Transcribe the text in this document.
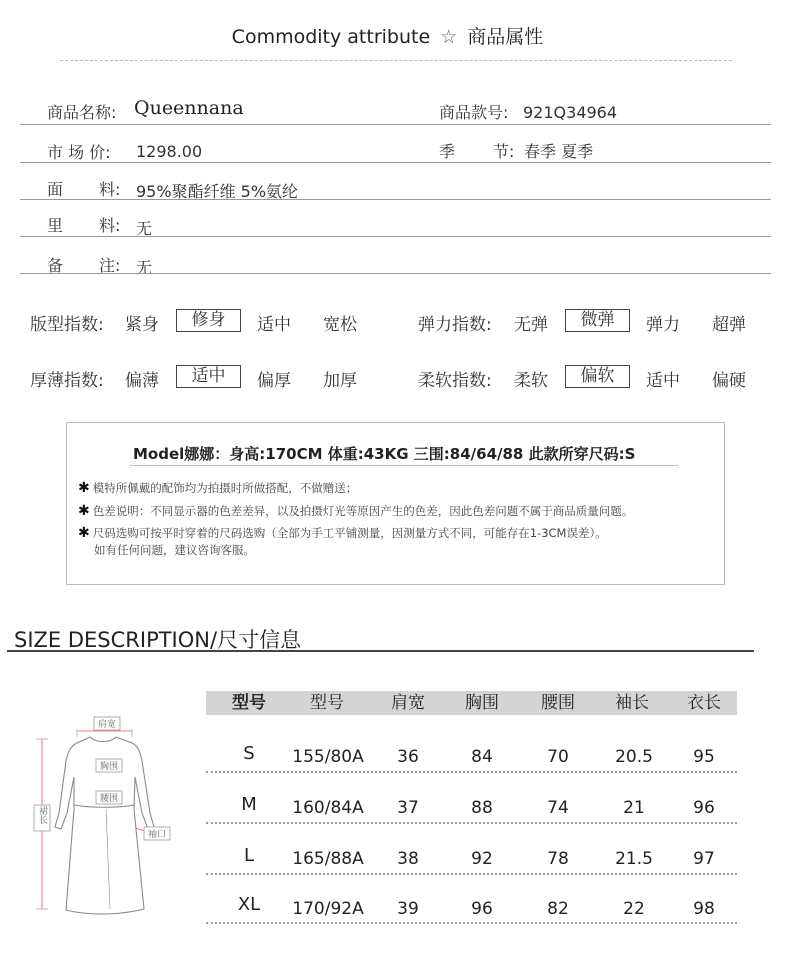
Commodity attribute ☆ 商品属性
商品名称: Queennana	商品款号: 921Q34964
市 场 价: 1298.00	季 节: 春季 夏季
面 料: 95%聚酯纤维 5%氨纶
里 料: 无
备 注: 无
版型指数: 紧身	修身	适中 宽松	弹力指数: 无弹	微弹	弹力 超弹
厚薄指数: 偏薄	适中	偏厚 加厚	柔软指数: 柔软	偏软	适中 偏硬
Model娜娜：身高:170CM 体重:43KG 三围:84/64/88 此款所穿尺码:S
✱ 模特所佩戴的配饰均为拍摄时所做搭配，不做赠送；
✱ 色差说明：不同显示器的色差差异，以及拍摄灯光等原因产生的色差，因此色差问题不属于商品质量问题。
✱ 尺码选购可按平时穿着的尺码选购（全部为手工平铺测量，因测量方式不同，可能存在1-3CM误差）。
如有任何问题，建议咨询客服。
SIZE DESCRIPTION/尺寸信息
肩宽
胸围
腰围
袖口
裙长
型号	型号	肩宽	胸围	腰围	袖长	衣长
S	155/80A	36	84	70	20.5	95
M	160/84A	37	88	74	21	96
L	165/88A	38	92	78	21.5	97
XL	170/92A	39	96	82	22	98
